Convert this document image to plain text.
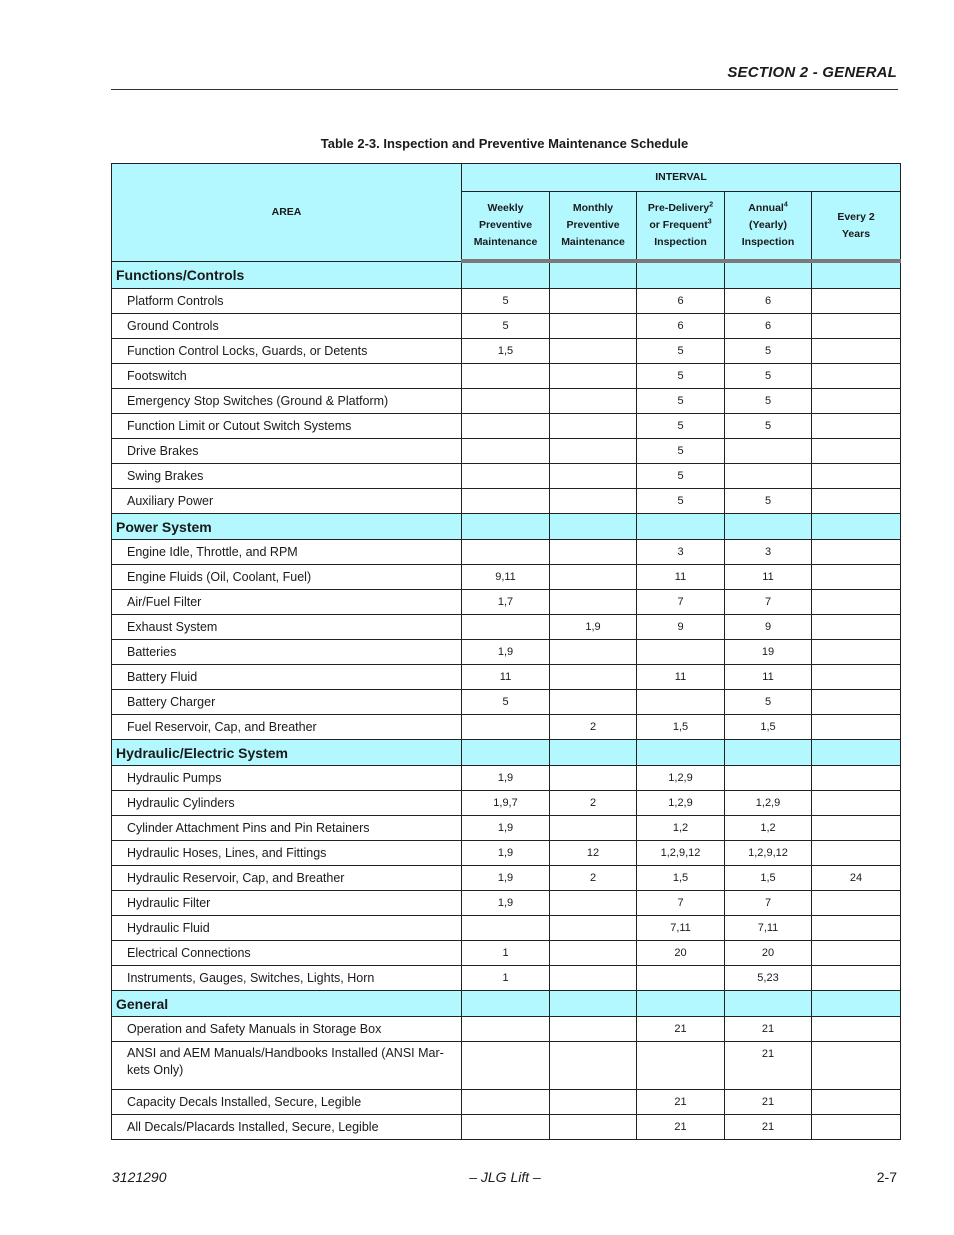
SECTION 2 - GENERAL
Table 2-3. Inspection and Preventive Maintenance Schedule
AREA	INTERVAL				
	Weekly
Preventive
Maintenance	Monthly
Preventive
Maintenance	Pre-Delivery$^2$
or Frequent$^3$
Inspection	Annual$^4$
(Yearly)
Inspection	Every 2
Years
Functions/Controls					
Platform Controls	5		6	6	
Ground Controls	5		6	6	
Function Control Locks, Guards, or Detents	1,5		5	5	
Footswitch			5	5	
Emergency Stop Switches (Ground & Platform)			5	5	
Function Limit or Cutout Switch Systems			5	5	
Drive Brakes			5		
Swing Brakes			5		
Auxiliary Power			5	5	
Power System					
Engine Idle, Throttle, and RPM			3	3	
Engine Fluids (Oil, Coolant, Fuel)	9,11		11	11	
Air/Fuel Filter	1,7		7	7	
Exhaust System		1,9	9	9	
Batteries	1,9			19	
Battery Fluid	11		11	11	
Battery Charger	5			5	
Fuel Reservoir, Cap, and Breather		2	1,5	1,5	
Hydraulic/Electric System					
Hydraulic Pumps	1,9		1,2,9		
Hydraulic Cylinders	1,9,7	2	1,2,9	1,2,9	
Cylinder Attachment Pins and Pin Retainers	1,9		1,2	1,2	
Hydraulic Hoses, Lines, and Fittings	1,9	12	1,2,9,12	1,2,9,12	
Hydraulic Reservoir, Cap, and Breather	1,9	2	1,5	1,5	24
Hydraulic Filter	1,9		7	7	
Hydraulic Fluid			7,11	7,11	
Electrical Connections	1		20	20	
Instruments, Gauges, Switches, Lights, Horn	1			5,23	
General					
Operation and Safety Manuals in Storage Box			21	21	
ANSI and AEM Manuals/Handbooks Installed (ANSI Mar-kets Only)				21	
Capacity Decals Installed, Secure, Legible			21	21	
All Decals/Placards Installed, Secure, Legible			21	21	
3121290	– JLG Lift –	2-7
